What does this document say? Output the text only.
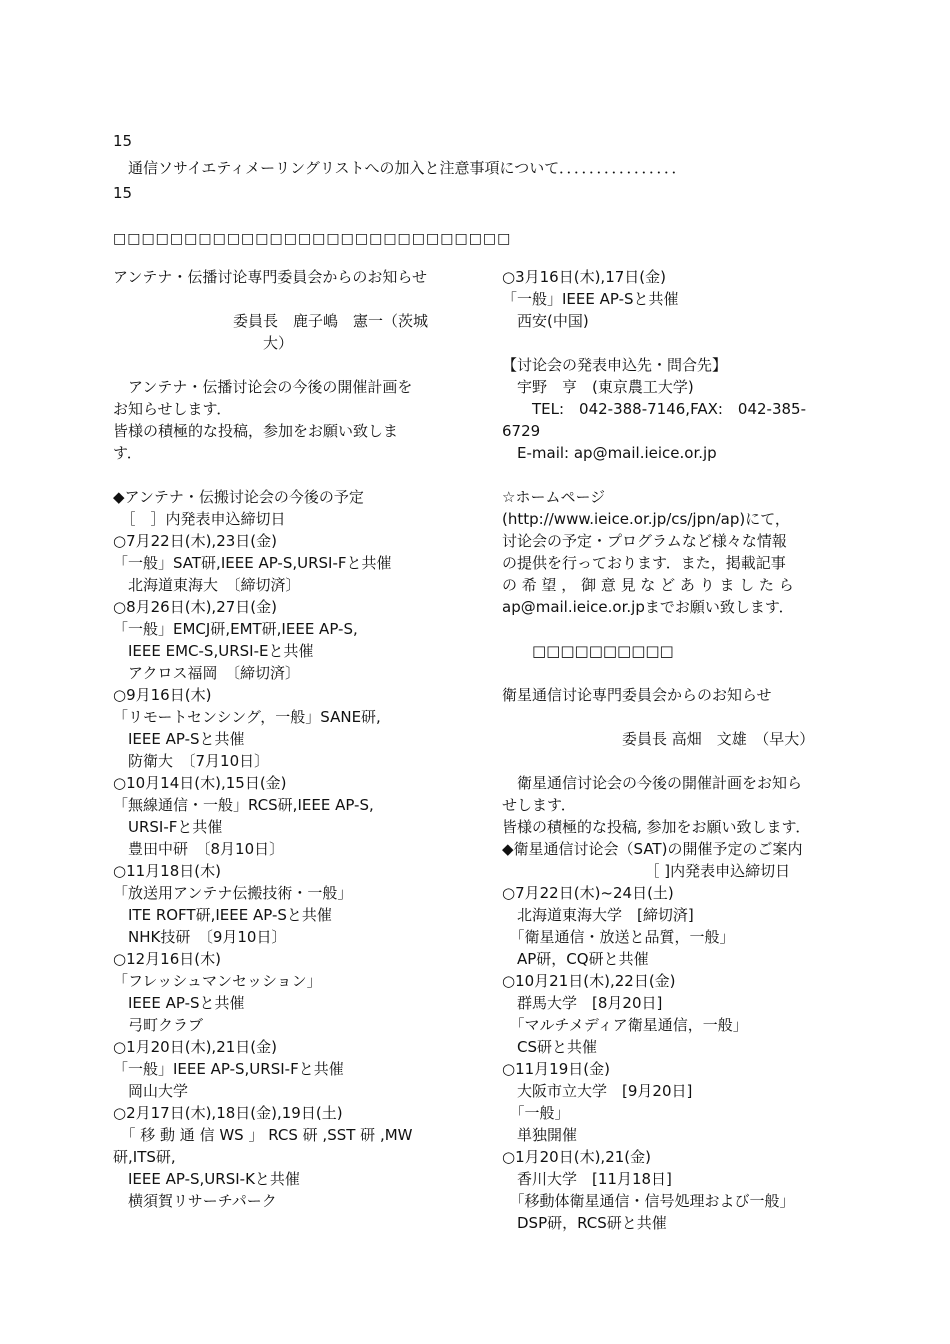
15
　通信ソサイエティメーリングリストへの加入と注意事項について．．．．．．．．．．．．．．．．
15
□□□□□□□□□□□□□□□□□□□□□□□□□□□□
アンテナ・伝播讨论専門委員会からのお知らせ
　　　　　　　　委員長　鹿子嶋　憲一（茨城
　　　　　　　　　　大）
　アンテナ・伝播讨论会の今後の開催計画を
お知らせします．
皆様の積極的な投稿，参加をお願い致しま
す．
◆アンテナ・伝搬讨论会の今後の予定
　［　］内発表申込締切日
○7月22日(木),23日(金)
「一般」SAT研,IEEE AP-S,URSI-Fと共催
　北海道東海大　〔締切済〕
○8月26日(木),27日(金)
「一般」EMCJ研,EMT研,IEEE AP-S,
　IEEE EMC-S,URSI-Eと共催
　アクロス福岡　〔締切済〕
○9月16日(木)
「リモートセンシング，一般」SANE研,
　IEEE AP-Sと共催
　防衛大　〔7月10日〕
○10月14日(木),15日(金)
「無線通信・一般」RCS研,IEEE AP-S,
　URSI-Fと共催
　豊田中研　〔8月10日〕
○11月18日(木)
「放送用アンテナ伝搬技術・一般」
　ITE ROFT研,IEEE AP-Sと共催
　NHK技研　〔9月10日〕
○12月16日(木)
「フレッシュマンセッション」
　IEEE AP-Sと共催
　弓町クラブ
○1月20日(木),21日(金)
「一般」IEEE AP-S,URSI-Fと共催
　岡山大学
○2月17日(木),18日(金),19日(土)
　「 移 動 通 信 WS 」 RCS 研 ,SST 研 ,MW
研,ITS研,
　IEEE AP-S,URSI-Kと共催
　横須賀リサーチパーク
○3月16日(木),17日(金)
「一般」IEEE AP-Sと共催
　西安(中国)
【讨论会の発表申込先・問合先】
　宇野　亨　(東京農工大学)
　　TEL:　042-388-7146,FAX:　042-385-
6729
　E-mail: ap@mail.ieice.or.jp
☆ホームページ
(http://www.ieice.or.jp/cs/jpn/ap)にて，
讨论会の予定・プログラムなど様々な情報
の提供を行っております．また，掲載記事
の 希 望 ， 御 意 見 な ど あ り ま し た ら
ap@mail.ieice.or.jpまでお願い致します．
　　□□□□□□□□□□
衛星通信讨论専門委員会からのお知らせ
　　　　　　　　委員長 高畑　文雄　（早大）
　衛星通信讨论会の今後の開催計画をお知ら
せします．
皆様の積極的な投稿, 参加をお願い致します．
◆衛星通信讨论会（SAT)の開催予定のご案内
　　　　　　　　　　［ ]内発表申込締切日
○7月22日(木)~24日(土)
　北海道東海大学　[締切済]
　「衛星通信・放送と品質，一般」
　AP研，CQ研と共催
○10月21日(木),22日(金)
　群馬大学　[8月20日]
　「マルチメディア衛星通信，一般」
　CS研と共催
○11月19日(金)
　大阪市立大学　[9月20日]
　「一般」
　単独開催
○1月20日(木),21(金)
　香川大学　[11月18日]
　「移動体衛星通信・信号処理および一般」
　DSP研，RCS研と共催
